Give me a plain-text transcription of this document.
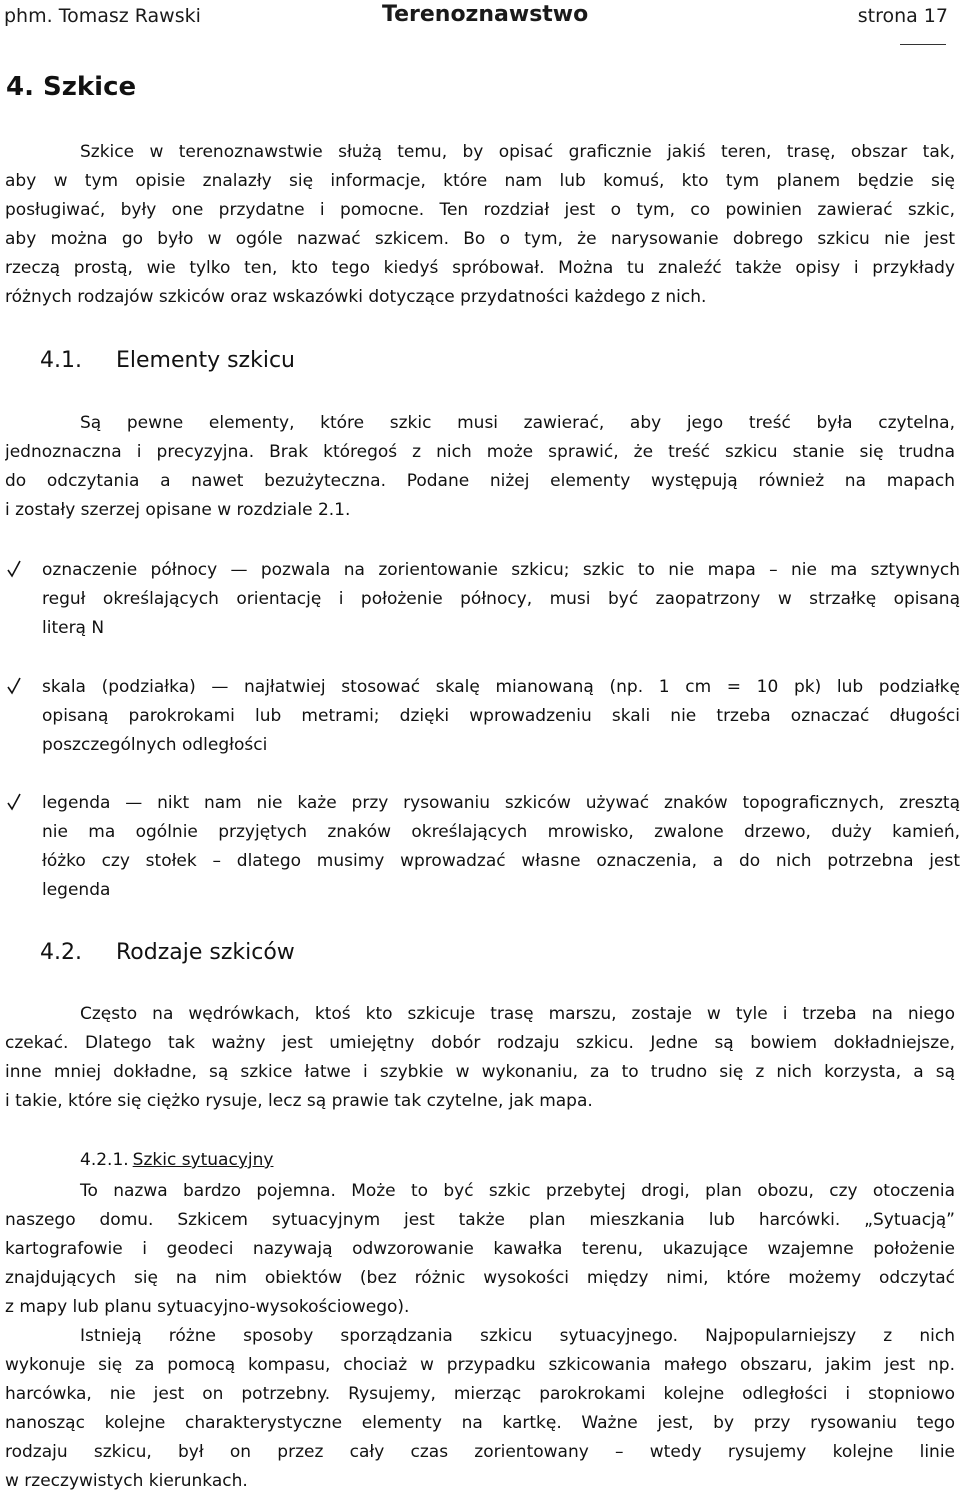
phm. Tomasz Rawski	Terenoznawstwo	strona 17
4. Szkice
Szkice w terenoznawstwie służą temu, by opisać graficznie jakiś teren, trasę, obszar tak,
aby w tym opisie znalazły się informacje, które nam lub komuś, kto tym planem będzie się
posługiwać, były one przydatne i pomocne. Ten rozdział jest o tym, co powinien zawierać szkic,
aby można go było w ogóle nazwać szkicem. Bo o tym, że narysowanie dobrego szkicu nie jest
rzeczą prostą, wie tylko ten, kto tego kiedyś spróbował. Można tu znaleźć także opisy i przykłady
różnych rodzajów szkiców oraz wskazówki dotyczące przydatności każdego z nich.
4.1. Elementy szkicu
Są pewne elementy, które szkic musi zawierać, aby jego treść była czytelna,
jednoznaczna i precyzyjna. Brak któregoś z nich może sprawić, że treść szkicu stanie się trudna
do odczytania a nawet bezużyteczna. Podane niżej elementy występują również na mapach
i zostały szerzej opisane w rozdziale 2.1.
oznaczenie północy — pozwala na zorientowanie szkicu; szkic to nie mapa – nie ma sztywnych
reguł określających orientację i położenie północy, musi być zaopatrzony w strzałkę opisaną
literą N
skala (podziałka) — najłatwiej stosować skalę mianowaną (np. 1 cm = 10 pk) lub podziałkę
opisaną parokrokami lub metrami; dzięki wprowadzeniu skali nie trzeba oznaczać długości
poszczególnych odległości
legenda — nikt nam nie każe przy rysowaniu szkiców używać znaków topograficznych, zresztą
nie ma ogólnie przyjętych znaków określających mrowisko, zwalone drzewo, duży kamień,
łóżko czy stołek – dlatego musimy wprowadzać własne oznaczenia, a do nich potrzebna jest
legenda
4.2. Rodzaje szkiców
Często na wędrówkach, ktoś kto szkicuje trasę marszu, zostaje w tyle i trzeba na niego
czekać. Dlatego tak ważny jest umiejętny dobór rodzaju szkicu. Jedne są bowiem dokładniejsze,
inne mniej dokładne, są szkice łatwe i szybkie w wykonaniu, za to trudno się z nich korzysta, a są
i takie, które się ciężko rysuje, lecz są prawie tak czytelne, jak mapa.
4.2.1. Szkic sytuacyjny
To nazwa bardzo pojemna. Może to być szkic przebytej drogi, plan obozu, czy otoczenia
naszego domu. Szkicem sytuacyjnym jest także plan mieszkania lub harcówki. „Sytuacją”
kartografowie i geodeci nazywają odwzorowanie kawałka terenu, ukazujące wzajemne położenie
znajdujących się na nim obiektów (bez różnic wysokości między nimi, które możemy odczytać
z mapy lub planu sytuacyjno-wysokościowego).
Istnieją różne sposoby sporządzania szkicu sytuacyjnego. Najpopularniejszy z nich
wykonuje się za pomocą kompasu, chociaż w przypadku szkicowania małego obszaru, jakim jest np.
harcówka, nie jest on potrzebny. Rysujemy, mierząc parokrokami kolejne odległości i stopniowo
nanosząc kolejne charakterystyczne elementy na kartkę. Ważne jest, by przy rysowaniu tego
rodzaju szkicu, był on przez cały czas zorientowany – wtedy rysujemy kolejne linie
w rzeczywistych kierunkach.
